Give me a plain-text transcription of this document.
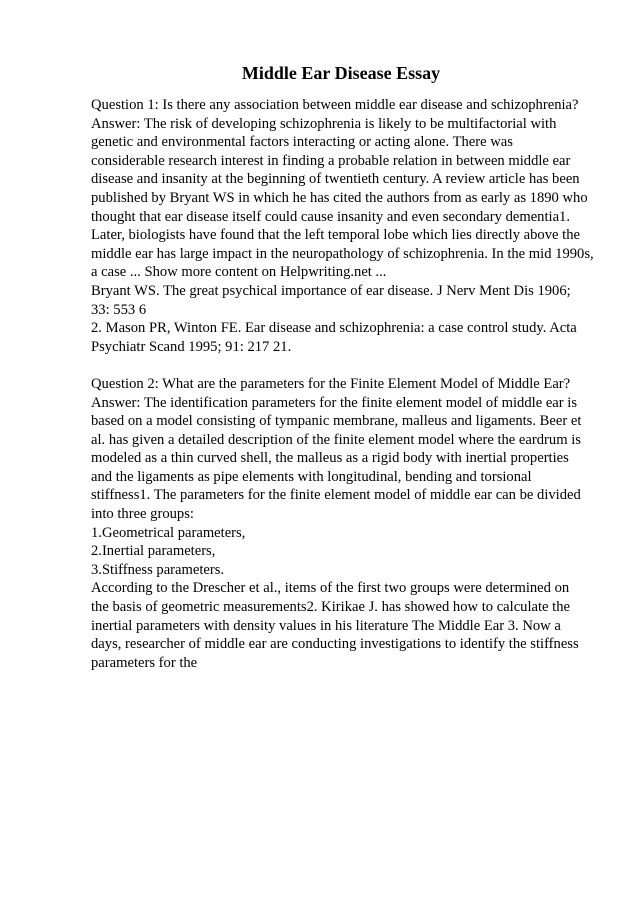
Middle Ear Disease Essay
Question 1: Is there any association between middle ear disease and schizophrenia?
Answer: The risk of developing schizophrenia is likely to be multifactorial with
genetic and environmental factors interacting or acting alone. There was
considerable research interest in finding a probable relation in between middle ear
disease and insanity at the beginning of twentieth century. A review article has been
published by Bryant WS in which he has cited the authors from as early as 1890 who
thought that ear disease itself could cause insanity and even secondary dementia1.
Later, biologists have found that the left temporal lobe which lies directly above the
middle ear has large impact in the neuropathology of schizophrenia. In the mid 1990s,
a case ... Show more content on Helpwriting.net ...
Bryant WS. The great psychical importance of ear disease. J Nerv Ment Dis 1906;
33: 553 6
2. Mason PR, Winton FE. Ear disease and schizophrenia: a case control study. Acta
Psychiatr Scand 1995; 91: 217 21.
Question 2: What are the parameters for the Finite Element Model of Middle Ear?
Answer: The identification parameters for the finite element model of middle ear is
based on a model consisting of tympanic membrane, malleus and ligaments. Beer et
al. has given a detailed description of the finite element model where the eardrum is
modeled as a thin curved shell, the malleus as a rigid body with inertial properties
and the ligaments as pipe elements with longitudinal, bending and torsional
stiffness1. The parameters for the finite element model of middle ear can be divided
into three groups:
1.Geometrical parameters,
2.Inertial parameters,
3.Stiffness parameters.
According to the Drescher et al., items of the first two groups were determined on
the basis of geometric measurements2. Kirikae J. has showed how to calculate the
inertial parameters with density values in his literature The Middle Ear 3. Now a
days, researcher of middle ear are conducting investigations to identify the stiffness
parameters for the
